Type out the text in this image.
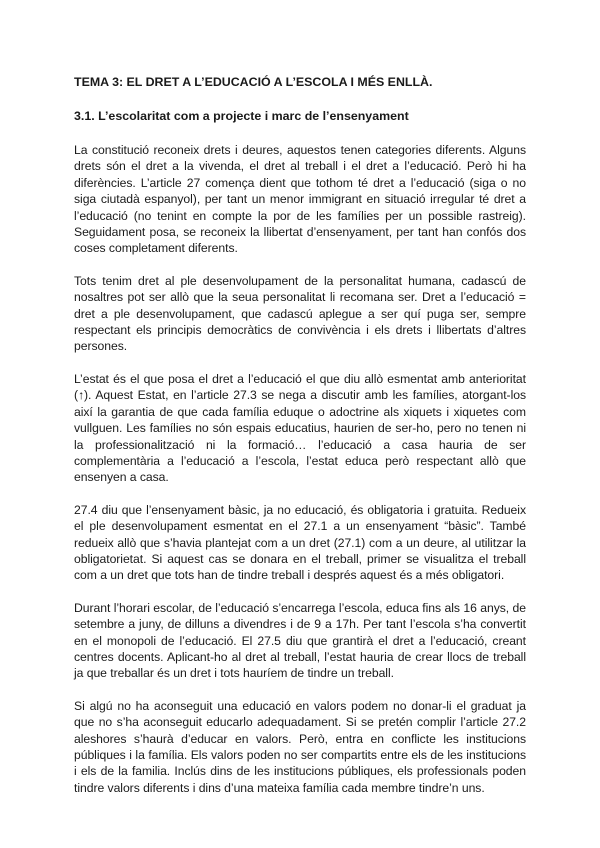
TEMA 3: EL DRET A L’EDUCACIÓ A L’ESCOLA I MÉS ENLLÀ.
3.1. L’escolaritat com a projecte i marc de l’ensenyament

La constitució reconeix drets i deures, aquestos tenen categories diferents. Alguns drets són el dret a la vivenda, el dret al treball i el dret a l’educació. Però hi ha diferències. L’article 27 comença dient que tothom té dret a l’educació (siga o no siga ciutadà espanyol), per tant un menor immigrant en situació irregular té dret a l’educació (no tenint en compte la por de les famílies per un possible rastreig). Seguidament posa, se reconeix la llibertat d’ensenyament, per tant han confós dos coses completament diferents.

Tots tenim dret al ple desenvolupament de la personalitat humana, cadascú de nosaltres pot ser allò que la seua personalitat li recomana ser. Dret a l’educació = dret a ple desenvolupament, que cadascú aplegue a ser quí puga ser, sempre respectant els principis democràtics de convivència i els drets i llibertats d’altres persones.

L’estat és el que posa el dret a l’educació el que diu allò esmentat amb anterioritat (↑). Aquest Estat, en l’article 27.3 se nega a discutir amb les famílies, atorgant-los així la garantia de que cada família eduque o adoctrine als xiquets i xiquetes com vullguen. Les famílies no són espais educatius, haurien de ser-ho, pero no tenen ni la professionalització ni la formació… l’educació a casa hauria de ser complementària a l’educació a l’escola, l’estat educa però respectant allò que ensenyen a casa.

27.4 diu que l’ensenyament bàsic, ja no educació, és obligatoria i gratuita. Redueix el ple desenvolupament esmentat en el 27.1 a un ensenyament “bàsic”. També redueix allò que s’havia plantejat com a un dret (27.1) com a un deure, al utilitzar la obligatorietat. Si aquest cas se donara en el treball, primer se visualitza el treball com a un dret que tots han de tindre treball i després aquest és a més obligatori.

Durant l’horari escolar, de l’educació s’encarrega l’escola, educa fins als 16 anys, de setembre a juny, de dilluns a divendres i de 9 a 17h. Per tant l’escola s’ha convertit en el monopoli de l’educació. El 27.5 diu que grantirà el dret a l’educació, creant centres docents. Aplicant-ho al dret al treball, l’estat hauria de crear llocs de treball ja que treballar és un dret i tots hauríem de tindre un treball.

Si algú no ha aconseguit una educació en valors podem no donar-li el graduat ja que no s’ha aconseguit educarlo adequadament. Si se pretén complir l’article 27.2 aleshores s’haurà d’educar en valors. Però, entra en conflicte les institucions públiques i la família. Els valors poden no ser compartits entre els de les institucions i els de la familia. Inclús dins de les institucions públiques, els professionals poden tindre valors diferents i dins d’una mateixa família cada membre tindre’n uns.
